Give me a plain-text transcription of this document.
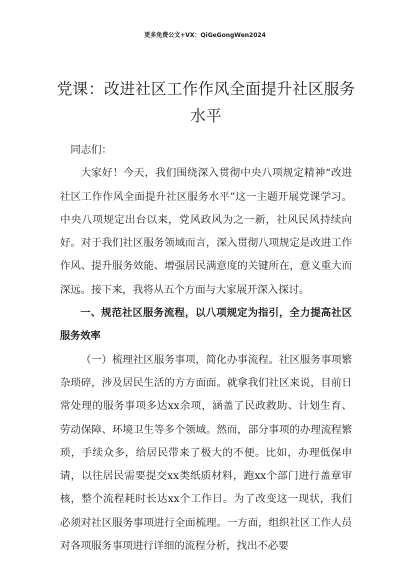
更多免费公文+VX：QiGeGongWen2024
党课：改进社区工作作风全面提升社区服务水平

同志们：

大家好！今天，我们围绕深入贯彻中央八项规定精神“改进社区工作作风全面提升社区服务水平”这一主题开展党课学习。中央八项规定出台以来，党风政风为之一新，社风民风持续向好。对于我们社区服务领域而言，深入贯彻八项规定是改进工作作风、提升服务效能、增强居民满意度的关键所在，意义重大而深远。接下来，我将从五个方面与大家展开深入探讨。

一、规范社区服务流程，以八项规定为指引，全力提高社区服务效率

（一）梳理社区服务事项，简化办事流程。社区服务事项繁杂琐碎，涉及居民生活的方方面面。就拿我们社区来说，目前日常处理的服务事项多达xx余项，涵盖了民政救助、计划生育、劳动保障、环境卫生等多个领域。然而，部分事项的办理流程繁琐，手续众多，给居民带来了极大的不便。比如，办理低保申请，以往居民需要提交xx类纸质材料，跑xx个部门进行盖章审核，整个流程耗时长达xx个工作日。为了改变这一现状，我们必须对社区服务事项进行全面梳理。一方面，组织社区工作人员对各项服务事项进行详细的流程分析，找出不必要
